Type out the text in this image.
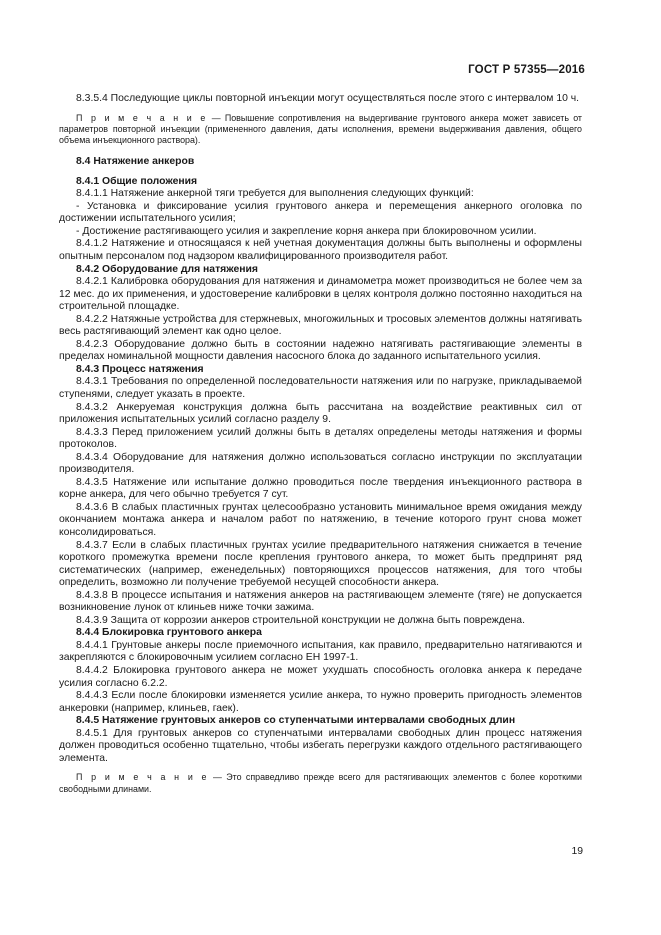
ГОСТ Р 57355—2016

8.3.5.4 Последующие циклы повторной инъекции могут осуществляться после этого с интервалом 10 ч.

П р и м е ч а н и е — Повышение сопротивления на выдергивание грунтового анкера может зависеть от параметров повторной инъекции (примененного давления, даты исполнения, времени выдерживания давления, общего объема инъекционного раствора).

8.4 Натяжение анкеров

8.4.1 Общие положения

8.4.1.1 Натяжение анкерной тяги требуется для выполнения следующих функций:

- Установка и фиксирование усилия грунтового анкера и перемещения анкерного оголовка по достижении испытательного усилия;

- Достижение растягивающего усилия и закрепление корня анкера при блокировочном усилии.

8.4.1.2 Натяжение и относящаяся к ней учетная документация должны быть выполнены и оформлены опытным персоналом под надзором квалифицированного производителя работ.

8.4.2 Оборудование для натяжения

8.4.2.1 Калибровка оборудования для натяжения и динамометра может производиться не более чем за 12 мес. до их применения, и удостоверение калибровки в целях контроля должно постоянно находиться на строительной площадке.

8.4.2.2 Натяжные устройства для стержневых, многожильных и тросовых элементов должны натягивать весь растягивающий элемент как одно целое.

8.4.2.3 Оборудование должно быть в состоянии надежно натягивать растягивающие элементы в пределах номинальной мощности давления насосного блока до заданного испытательного усилия.

8.4.3 Процесс натяжения

8.4.3.1 Требования по определенной последовательности натяжения или по нагрузке, прикладываемой ступенями, следует указать в проекте.

8.4.3.2 Анкеруемая конструкция должна быть рассчитана на воздействие реактивных сил от приложения испытательных усилий согласно разделу 9.

8.4.3.3 Перед приложением усилий должны быть в деталях определены методы натяжения и формы протоколов.

8.4.3.4 Оборудование для натяжения должно использоваться согласно инструкции по эксплуатации производителя.

8.4.3.5 Натяжение или испытание должно проводиться после твердения инъекционного раствора в корне анкера, для чего обычно требуется 7 сут.

8.4.3.6 В слабых пластичных грунтах целесообразно установить минимальное время ожидания между окончанием монтажа анкера и началом работ по натяжению, в течение которого грунт снова может консолидироваться.

8.4.3.7 Если в слабых пластичных грунтах усилие предварительного натяжения снижается в течение короткого промежутка времени после крепления грунтового анкера, то может быть предпринят ряд систематических (например, еженедельных) повторяющихся процессов натяжения, для того чтобы определить, возможно ли получение требуемой несущей способности анкера.

8.4.3.8 В процессе испытания и натяжения анкеров на растягивающем элементе (тяге) не допускается возникновение лунок от клиньев ниже точки зажима.

8.4.3.9 Защита от коррозии анкеров строительной конструкции не должна быть повреждена.

8.4.4 Блокировка грунтового анкера

8.4.4.1 Грунтовые анкеры после приемочного испытания, как правило, предварительно натягиваются и закрепляются с блокировочным усилием согласно ЕН 1997-1.

8.4.4.2 Блокировка грунтового анкера не может ухудшать способность оголовка анкера к передаче усилия согласно 6.2.2.

8.4.4.3 Если после блокировки изменяется усилие анкера, то нужно проверить пригодность элементов анкеровки (например, клиньев, гаек).

8.4.5 Натяжение грунтовых анкеров со ступенчатыми интервалами свободных длин

8.4.5.1 Для грунтовых анкеров со ступенчатыми интервалами свободных длин процесс натяжения должен проводиться особенно тщательно, чтобы избегать перегрузки каждого отдельного растягивающего элемента.

П р и м е ч а н и е — Это справедливо прежде всего для растягивающих элементов с более короткими свободными длинами.

19
